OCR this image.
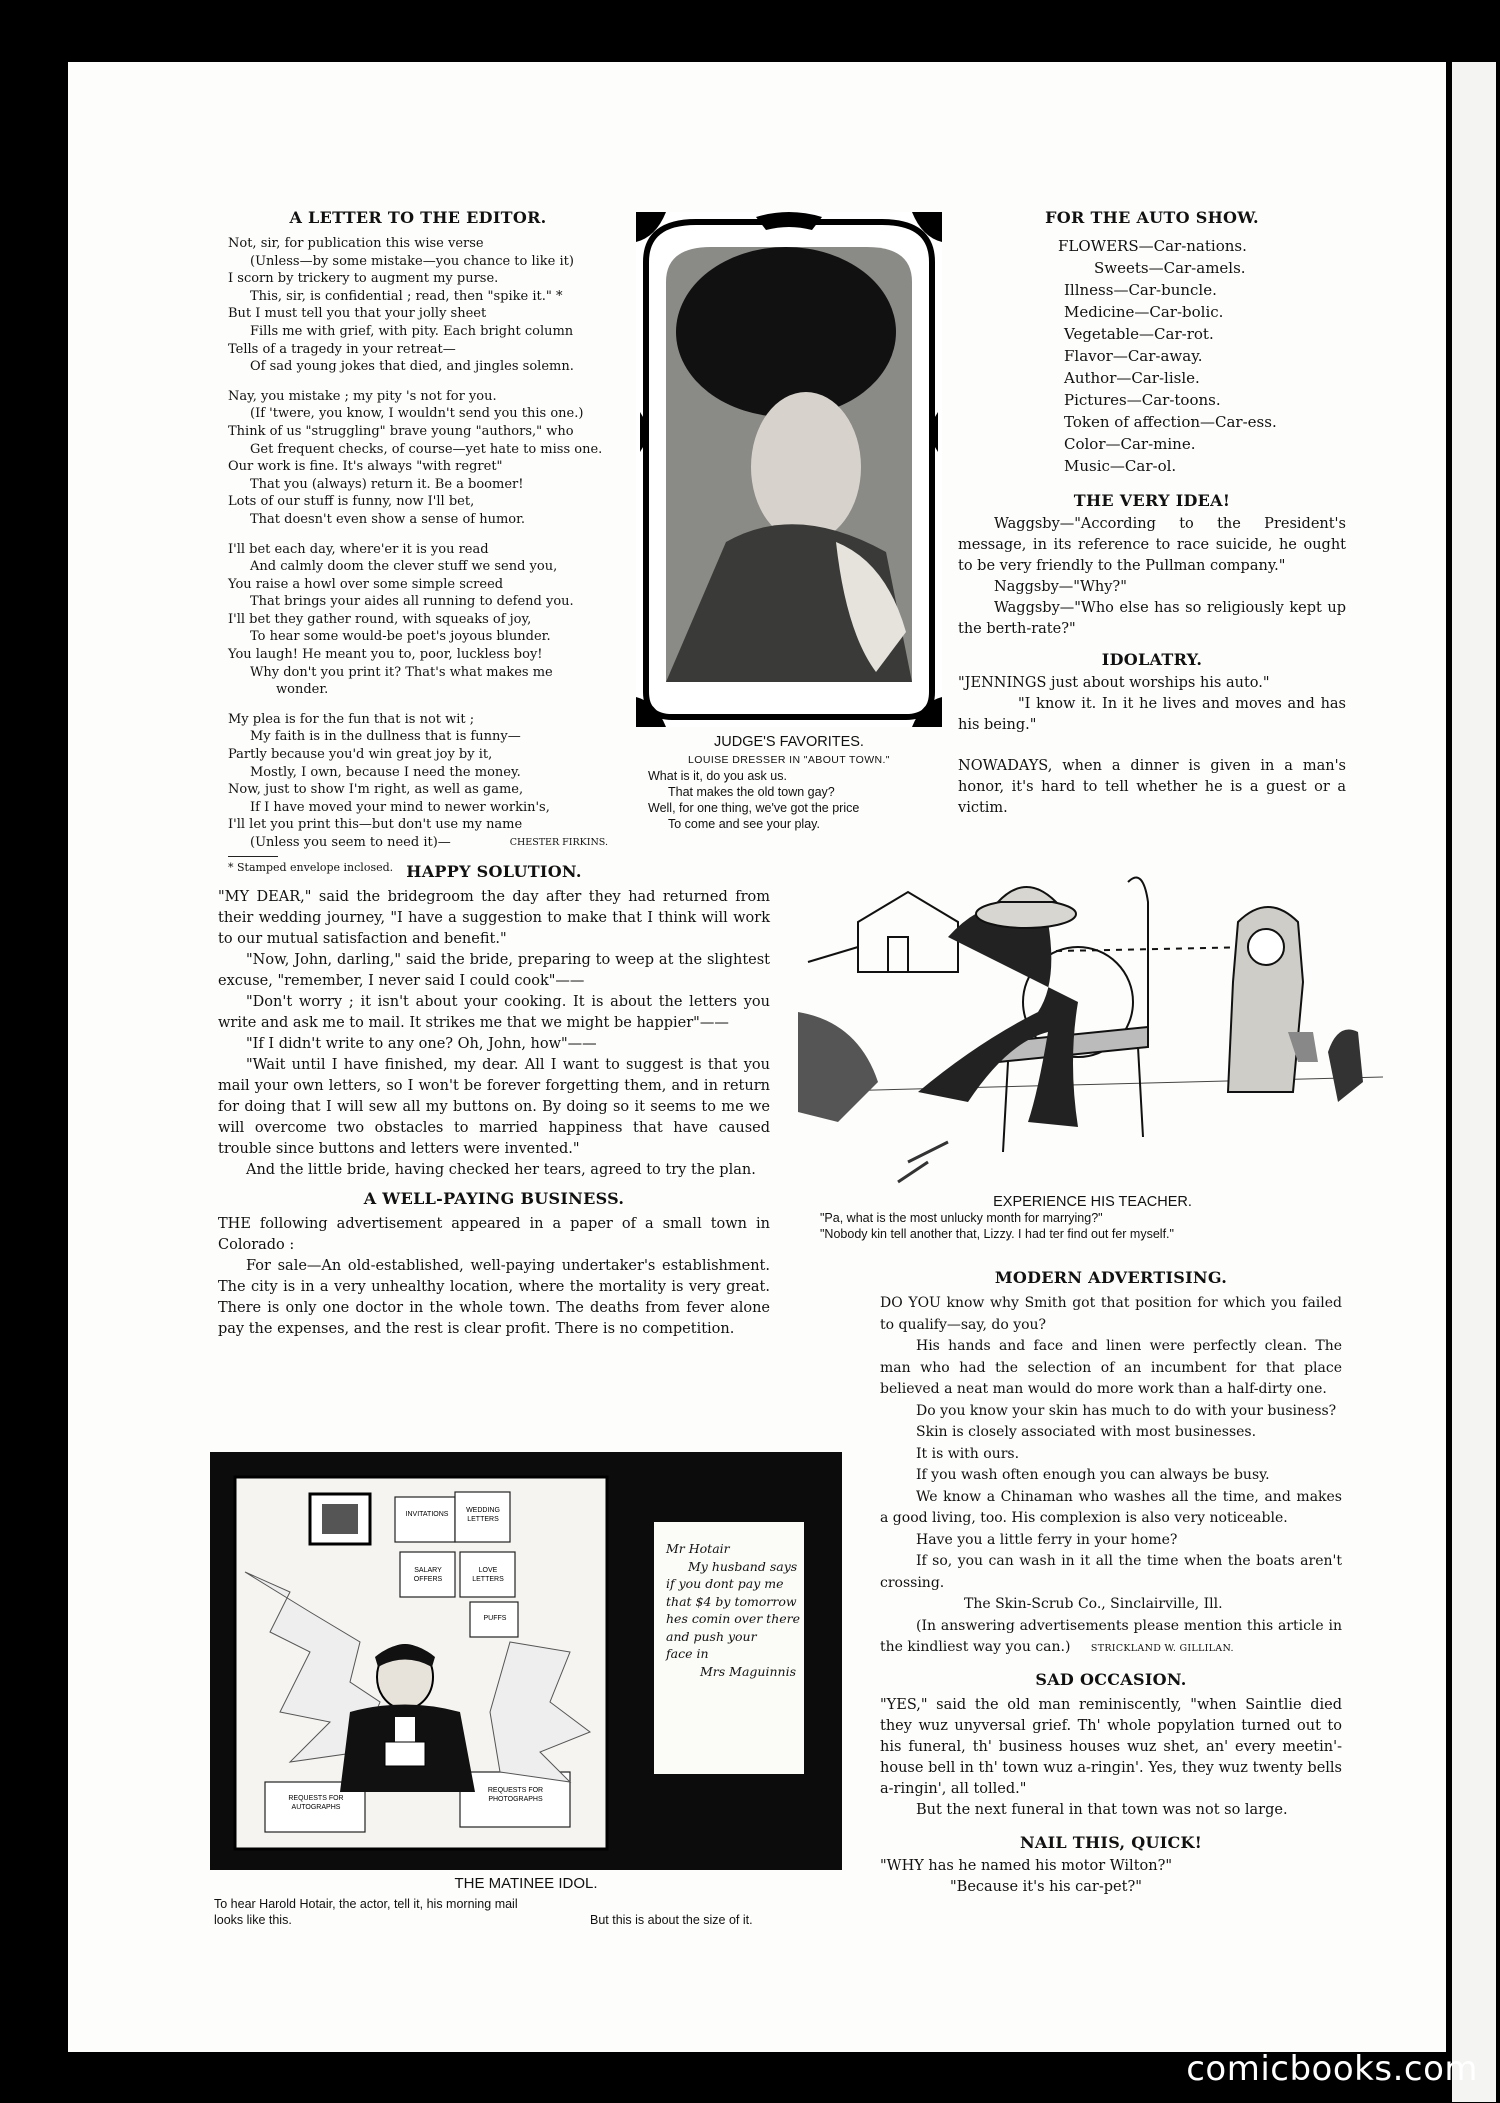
A LETTER TO THE EDITOR.
Not, sir, for publication this wise verse
(Unless—by some mistake—you chance to like it)
I scorn by trickery to augment my purse.
This, sir, is confidential ; read, then "spike it." *
But I must tell you that your jolly sheet
Fills me with grief, with pity. Each bright column
Tells of a tragedy in your retreat—
Of sad young jokes that died, and jingles solemn.
Nay, you mistake ; my pity 's not for you.
(If 'twere, you know, I wouldn't send you this one.)
Think of us "struggling" brave young "authors," who
Get frequent checks, of course—yet hate to miss one.
Our work is fine. It's always "with regret"
That you (always) return it. Be a boomer!
Lots of our stuff is funny, now I'll bet,
That doesn't even show a sense of humor.
I'll bet each day, where'er it is you read
And calmly doom the clever stuff we send you,
You raise a howl over some simple screed
That brings your aides all running to defend you.
I'll bet they gather round, with squeaks of joy,
To hear some would-be poet's joyous blunder.
You laugh! He meant you to, poor, luckless boy!
Why don't you print it? That's what makes me
wonder.
My plea is for the fun that is not wit ;
My faith is in the dullness that is funny—
Partly because you'd win great joy by it,
Mostly, I own, because I need the money.
Now, just to show I'm right, as well as game,
If I have moved your mind to newer workin's,
I'll let you print this—but don't use my name
(Unless you seem to need it)—	CHESTER FIRKINS.
* Stamped envelope inclosed.
JUDGE'S FAVORITES.
LOUISE DRESSER IN "ABOUT TOWN."
What is it, do you ask us.
That makes the old town gay?
Well, for one thing, we've got the price
To come and see your play.
FOR THE AUTO SHOW.
FLOWERS—Car-nations.
Sweets—Car-amels.
Illness—Car-buncle.
Medicine—Car-bolic.
Vegetable—Car-rot.
Flavor—Car-away.
Author—Car-lisle.
Pictures—Car-toons.
Token of affection—Car-ess.
Color—Car-mine.
Music—Car-ol.
THE VERY IDEA!
Waggsby—"According to the President's message, in its reference to race suicide, he ought to be very friendly to the Pullman company."
Naggsby—"Why?"
Waggsby—"Who else has so religiously kept up the berth-rate?"
IDOLATRY.
"JENNINGS just about worships his auto."
"I know it. In it he lives and moves and has his being."
NOWADAYS, when a dinner is given in a man's honor, it's hard to tell whether he is a guest or a victim.
HAPPY SOLUTION.
"MY DEAR," said the bridegroom the day after they had returned from their wedding journey, "I have a suggestion to make that I think will work to our mutual satisfaction and benefit."
"Now, John, darling," said the bride, preparing to weep at the slightest excuse, "remember, I never said I could cook"——
"Don't worry ; it isn't about your cooking. It is about the letters you write and ask me to mail. It strikes me that we might be happier"——
"If I didn't write to any one? Oh, John, how"——
"Wait until I have finished, my dear. All I want to suggest is that you mail your own letters, so I won't be forever forgetting them, and in return for doing that I will sew all my buttons on. By doing so it seems to me we will overcome two obstacles to married happiness that have caused trouble since buttons and letters were invented."
And the little bride, having checked her tears, agreed to try the plan.
A WELL-PAYING BUSINESS.
THE following advertisement appeared in a paper of a small town in Colorado :
For sale—An old-established, well-paying undertaker's establishment. The city is in a very unhealthy location, where the mortality is very great. There is only one doctor in the whole town. The deaths from fever alone pay the expenses, and the rest is clear profit. There is no competition.
EXPERIENCE HIS TEACHER.
"Pa, what is the most unlucky month for marrying?"
"Nobody kin tell another that, Lizzy. I had ter find out fer myself."
MODERN ADVERTISING.
DO YOU know why Smith got that position for which you failed to qualify—say, do you?
His hands and face and linen were perfectly clean. The man who had the selection of an incumbent for that place believed a neat man would do more work than a half-dirty one.
Do you know your skin has much to do with your business?
Skin is closely associated with most businesses.
It is with ours.
If you wash often enough you can always be busy.
We know a Chinaman who washes all the time, and makes a good living, too. His complexion is also very noticeable.
Have you a little ferry in your home?
If so, you can wash in it all the time when the boats aren't crossing.
The Skin-Scrub Co., Sinclairville, Ill.
(In answering advertisements please mention this article in the kindliest way you can.) STRICKLAND W. GILLILAN.
SAD OCCASION.
"YES," said the old man reminiscently, "when Saintlie died they wuz unyversal grief. Th' whole popylation turned out to his funeral, th' business houses wuz shet, an' every meetin'-house bell in th' town wuz a-ringin'. Yes, they wuz twenty bells a-ringin', all tolled."
But the next funeral in that town was not so large.
NAIL THIS, QUICK!
"WHY has he named his motor Wilton?"
"Because it's his car-pet?"
Mr Hotair
My husband says
if you dont pay me
that $4 by tomorrow
hes comin over there
and push your
face in
Mrs Maguinnis
INVITATIONS
WEDDING LETTERS
SALARY OFFERS
LOVE LETTERS
PUFFS
REQUESTS FOR AUTOGRAPHS
REQUESTS FOR PHOTOGRAPHS
THE MATINEE IDOL.
To hear Harold Hotair, the actor, tell it, his morning mail looks like this.	But this is about the size of it.
comicbooks.com
